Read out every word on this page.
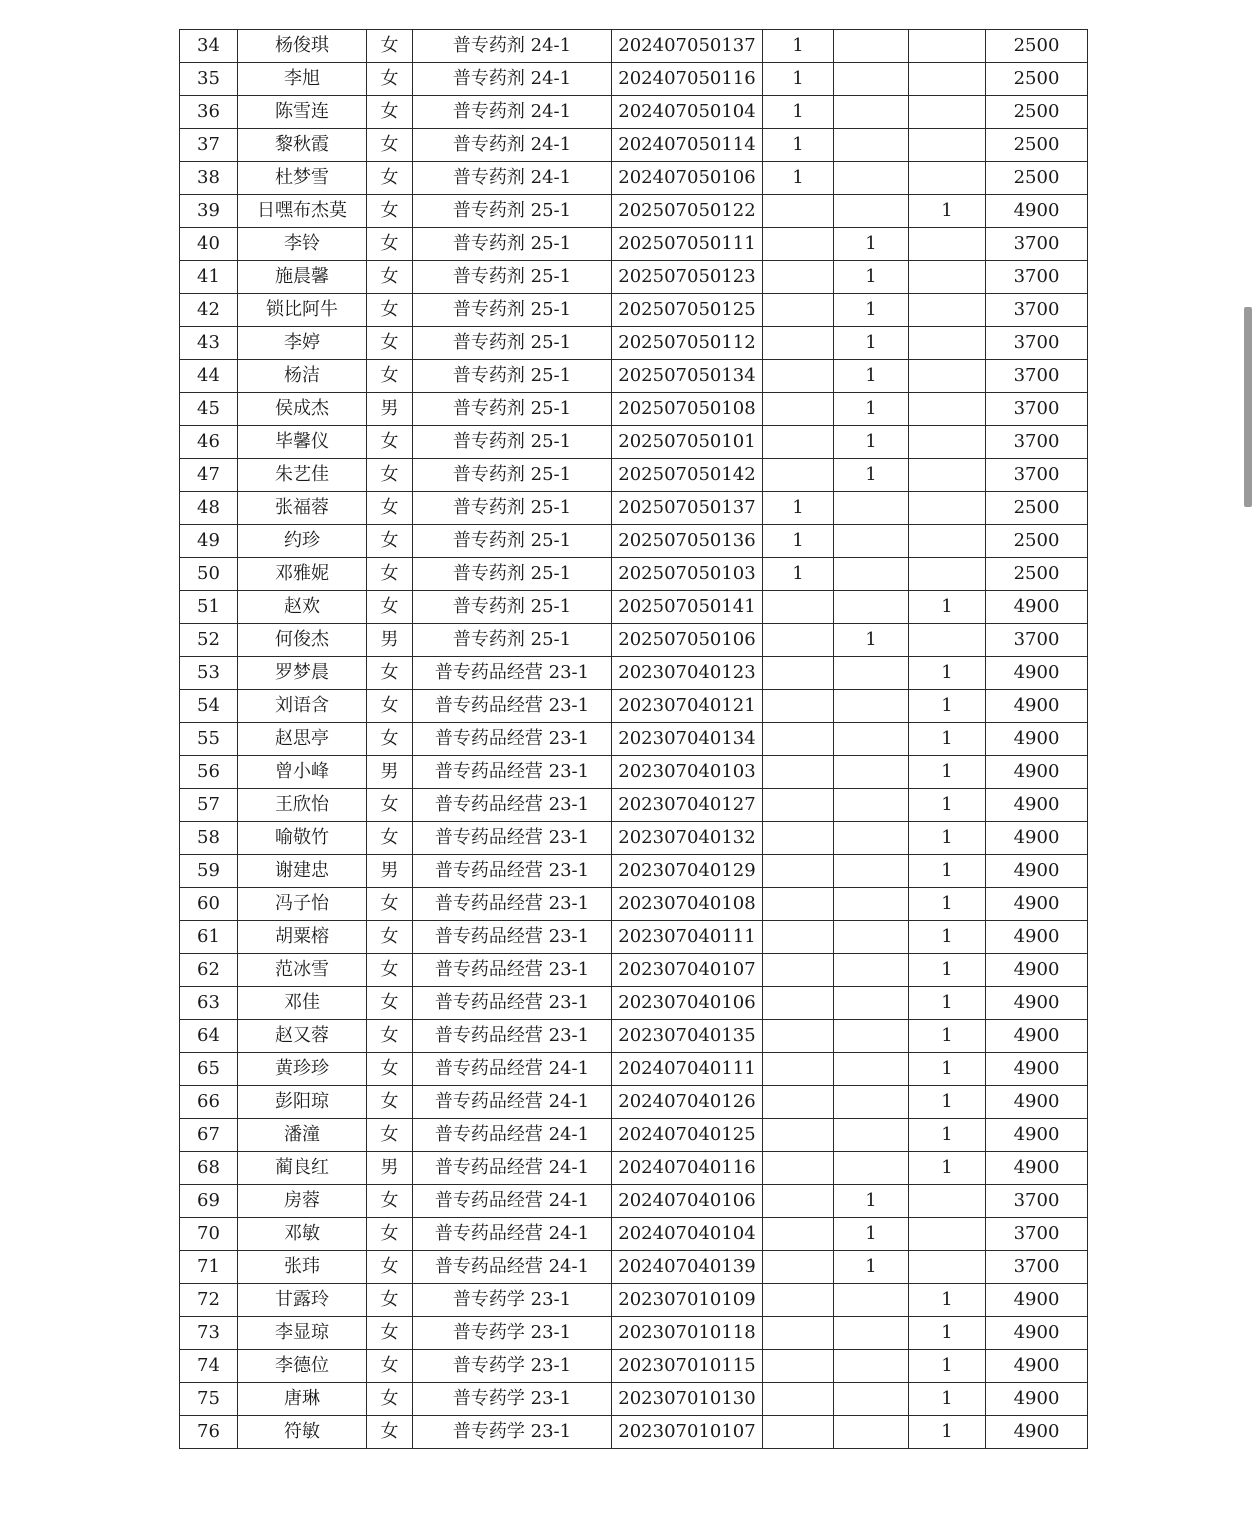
34	杨俊琪	女	普专药剂 24-1	202407050137	1			2500
35	李旭	女	普专药剂 24-1	202407050116	1			2500
36	陈雪连	女	普专药剂 24-1	202407050104	1			2500
37	黎秋霞	女	普专药剂 24-1	202407050114	1			2500
38	杜梦雪	女	普专药剂 24-1	202407050106	1			2500
39	日嘿布杰莫	女	普专药剂 25-1	202507050122			1	4900
40	李铃	女	普专药剂 25-1	202507050111		1		3700
41	施晨馨	女	普专药剂 25-1	202507050123		1		3700
42	锁比阿牛	女	普专药剂 25-1	202507050125		1		3700
43	李婷	女	普专药剂 25-1	202507050112		1		3700
44	杨洁	女	普专药剂 25-1	202507050134		1		3700
45	侯成杰	男	普专药剂 25-1	202507050108		1		3700
46	毕馨仪	女	普专药剂 25-1	202507050101		1		3700
47	朱艺佳	女	普专药剂 25-1	202507050142		1		3700
48	张福蓉	女	普专药剂 25-1	202507050137	1			2500
49	约珍	女	普专药剂 25-1	202507050136	1			2500
50	邓雅妮	女	普专药剂 25-1	202507050103	1			2500
51	赵欢	女	普专药剂 25-1	202507050141			1	4900
52	何俊杰	男	普专药剂 25-1	202507050106		1		3700
53	罗梦晨	女	普专药品经营 23-1	202307040123			1	4900
54	刘语含	女	普专药品经营 23-1	202307040121			1	4900
55	赵思亭	女	普专药品经营 23-1	202307040134			1	4900
56	曾小峰	男	普专药品经营 23-1	202307040103			1	4900
57	王欣怡	女	普专药品经营 23-1	202307040127			1	4900
58	喻敬竹	女	普专药品经营 23-1	202307040132			1	4900
59	谢建忠	男	普专药品经营 23-1	202307040129			1	4900
60	冯子怡	女	普专药品经营 23-1	202307040108			1	4900
61	胡粟榕	女	普专药品经营 23-1	202307040111			1	4900
62	范冰雪	女	普专药品经营 23-1	202307040107			1	4900
63	邓佳	女	普专药品经营 23-1	202307040106			1	4900
64	赵又蓉	女	普专药品经营 23-1	202307040135			1	4900
65	黄珍珍	女	普专药品经营 24-1	202407040111			1	4900
66	彭阳琼	女	普专药品经营 24-1	202407040126			1	4900
67	潘潼	女	普专药品经营 24-1	202407040125			1	4900
68	蔺良红	男	普专药品经营 24-1	202407040116			1	4900
69	房蓉	女	普专药品经营 24-1	202407040106		1		3700
70	邓敏	女	普专药品经营 24-1	202407040104		1		3700
71	张玮	女	普专药品经营 24-1	202407040139		1		3700
72	甘露玲	女	普专药学 23-1	202307010109			1	4900
73	李显琼	女	普专药学 23-1	202307010118			1	4900
74	李德位	女	普专药学 23-1	202307010115			1	4900
75	唐琳	女	普专药学 23-1	202307010130			1	4900
76	符敏	女	普专药学 23-1	202307010107			1	4900
